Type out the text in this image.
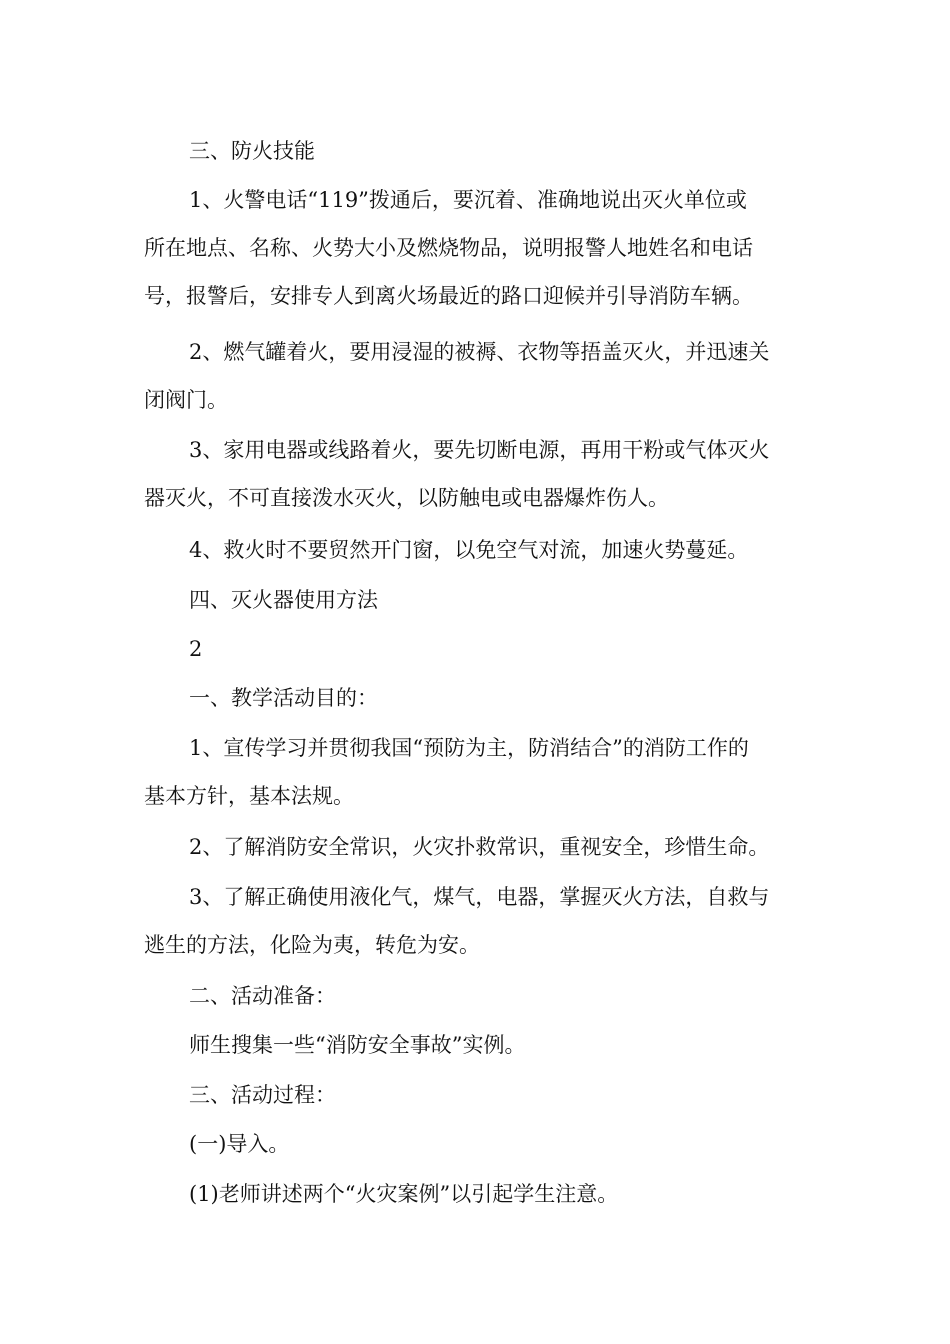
三、防火技能
1、火警电话“119”拨通后，要沉着、准确地说出灭火单位或
所在地点、名称、火势大小及燃烧物品，说明报警人地姓名和电话
号，报警后，安排专人到离火场最近的路口迎候并引导消防车辆。
2、燃气罐着火，要用浸湿的被褥、衣物等捂盖灭火，并迅速关
闭阀门。
3、家用电器或线路着火，要先切断电源，再用干粉或气体灭火
器灭火，不可直接泼水灭火，以防触电或电器爆炸伤人。
4、救火时不要贸然开门窗，以免空气对流，加速火势蔓延。
四、灭火器使用方法
2
一、教学活动目的：
1、宣传学习并贯彻我国“预防为主，防消结合”的消防工作的
基本方针，基本法规。
2、了解消防安全常识，火灾扑救常识，重视安全，珍惜生命。
3、了解正确使用液化气，煤气，电器，掌握灭火方法，自救与
逃生的方法，化险为夷，转危为安。
二、活动准备：
师生搜集一些“消防安全事故”实例。
三、活动过程：
(一)导入。
(1)老师讲述两个“火灾案例”以引起学生注意。
